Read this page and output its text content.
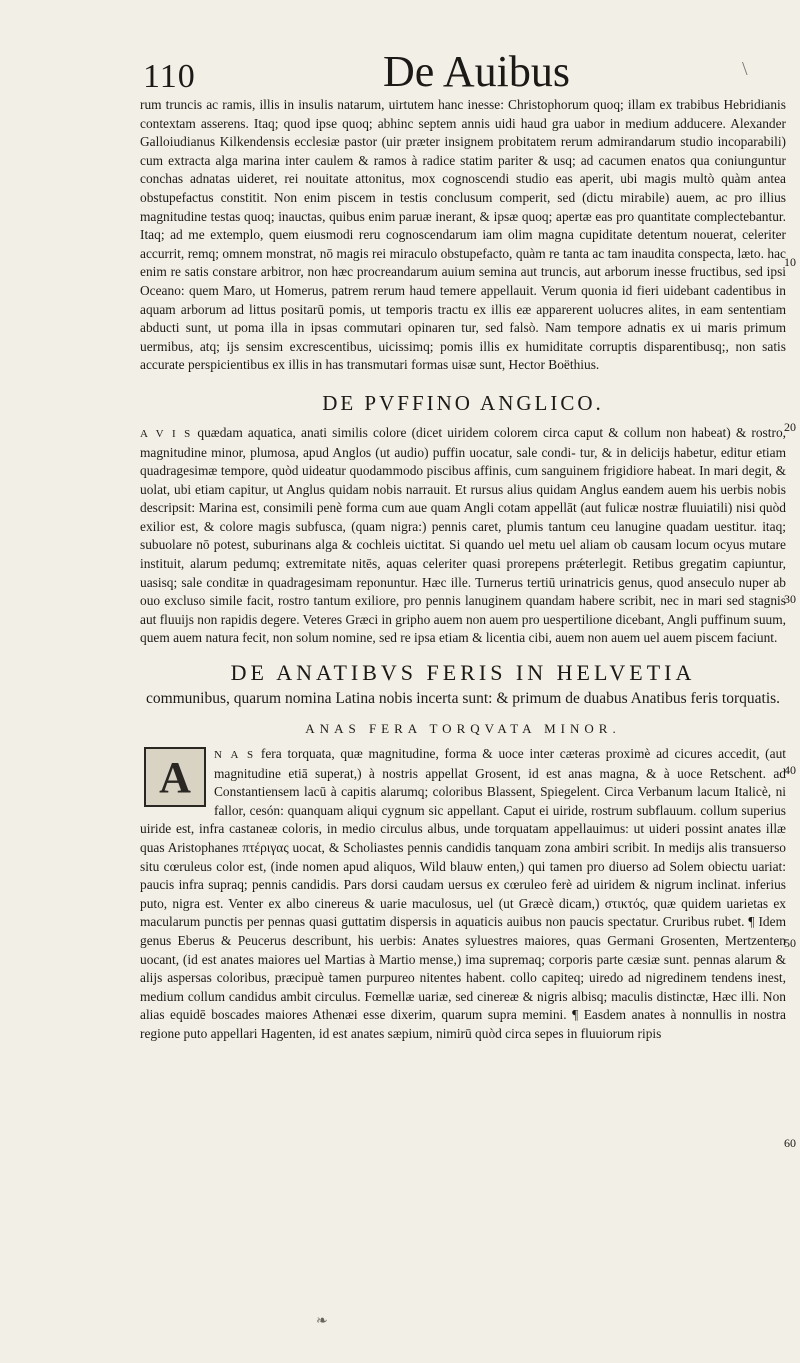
110	De Auibus	\

rum truncis ac ramis, illis in insulis natarum, uirtutem hanc inesse: Christophorum quoq; illam ex trabibus Hebridianis contextam asserens. Itaq; quod ipse quoq; abhinc septem annis uidi haud gra uabor in medium adducere. Alexander Galloiudianus Kilkendensis ecclesiæ pastor (uir præter insignem probitatem rerum admirandarum studio incoparabili) cum extracta alga marina inter caulem & ramos à radice statim pariter & usq; ad cacumen enatos qua coniunguntur conchas adnatas uideret, rei nouitate attonitus, mox cognoscendi studio eas aperit, ubi magis multò quàm antea obstupefactus constitit. Non enim piscem in testis conclusum comperit, sed (dictu mirabile) auem, ac pro illius magnitudine testas quoq; inauctas, quibus enim paruæ inerant, & ipsæ quoq; apertæ eas pro quantitate complectebantur. Itaq; ad me extemplo, quem eiusmodi reru cognoscendarum iam olim magna cupiditate detentum nouerat, celeriter accurrit, remq; omnem monstrat, nō magis rei miraculo obstupefacto, quàm re tanta ac tam inaudita conspecta, læto. hac enim re satis constare arbitror, non hæc procreandarum auium semina aut truncis, aut arborum inesse fructibus, sed ipsi Oceano: quem Maro, ut Homerus, patrem rerum haud temere appellauit. Verum quonia id fieri uidebant cadentibus in aquam arborum ad littus positarū pomis, ut temporis tractu ex illis eæ apparerent uolucres alites, in eam sententiam abducti sunt, ut poma illa in ipsas commutari opinaren tur, sed falsò. Nam tempore adnatis ex ui maris primum uermibus, atq; ijs sensim excrescentibus, uicissimq; pomis illis ex humiditate corruptis disparentibusq;, non satis accurate perspicientibus ex illis in has transmutari formas uisæ sunt, Hector Boëthius.

DE PVFFINO ANGLICO.

A V I S quædam aquatica, anati similis colore (dicet uiridem colorem circa caput & collum non habeat) & rostro, magnitudine minor, plumosa, apud Anglos (ut audio) puffin uocatur, sale condi- tur, & in delicijs habetur, editur etiam quadragesimæ tempore, quòd uideatur quodammodo piscibus affinis, cum sanguinem frigidiore habeat. In mari degit, & uolat, ubi etiam capitur, ut Anglus quidam nobis narrauit. Et rursus alius quidam Anglus eandem auem his uerbis nobis descripsit: Marina est, consimili penè forma cum aue quam Angli cotam appellāt (aut fulicæ nostræ fluuiatili) nisi quòd exilior est, & colore magis subfusca, (quam nigra:) pennis caret, plumis tantum ceu lanugine quadam uestitur. itaq; subuolare nō potest, suburinans alga & cochleis uictitat. Si quando uel metu uel aliam ob causam locum ocyus mutare instituit, alarum pedumq; extremitate nitēs, aquas celeriter quasi prorepens prǽterlegit. Retibus gregatim capiuntur, uasisq; sale conditæ in quadragesimam reponuntur. Hæc ille. Turnerus tertiū urinatricis genus, quod anseculo nuper ab ouo excluso simile facit, rostro tantum exiliore, pro pennis lanuginem quandam habere scribit, nec in mari sed stagnis aut fluuijs non rapidis degere. Veteres Græci in gripho auem non auem pro uespertilione dicebant, Angli puffinum suum, quem auem natura fecit, non solum nomine, sed re ipsa etiam & licentia cibi, auem non auem uel auem piscem faciunt.

DE ANATIBVS FERIS IN HELVETIA

communibus, quarum nomina Latina nobis incerta sunt: & primum de duabus Anatibus feris torquatis.

ANAS FERA TORQVATA MINOR.
A	N A S fera torquata, quæ magnitudine, forma & uoce inter cæteras proximè ad cicures accedit, (aut magnitudine etiā superat,) à nostris appellat Grosent, id est anas magna, & à uoce Retschent. ad Constantiensem lacū à capitis alarumq; coloribus Blassent, Spiegelent. Circa Verbanum lacum Italicè, ni fallor, cesón: quanquam aliqui cygnum sic appellant. Caput ei uiride, rostrum subflauum. collum superius uiride est, infra castaneæ coloris, in medio circulus albus, unde torquatam appellauimus: ut uideri possint anates illæ quas Aristophanes πτέριγας uocat, & Scholiastes pennis candidis tanquam zona ambiri scribit. In medijs alis transuerso situ cœruleus color est, (inde nomen apud aliquos, Wild blauw enten,) qui tamen pro diuerso ad Solem obiectu uariat: paucis infra supraq; pennis candidis. Pars dorsi caudam uersus ex cœruleo ferè ad uiridem & nigrum inclinat. inferius puto, nigra est. Venter ex albo cinereus & uarie maculosus, uel (ut Græcè dicam,) στικτός, quæ quidem uarietas ex macularum punctis per pennas quasi guttatim dispersis in aquaticis auibus non paucis spectatur. Cruribus rubet. ¶ Idem genus Eberus & Peucerus describunt, his uerbis: Anates syluestres maiores, quas Germani Grosenten, Mertzenten uocant, (id est anates maiores uel Martias à Martio mense,) ima supremaq; corporis parte cæsiæ sunt. pennas alarum & alijs aspersas coloribus, præcipuè tamen purpureo nitentes habent. collo capiteq; uiredo ad nigredinem tendens inest, medium collum candidus ambit circulus. Fœmellæ uariæ, sed cinereæ & nigris albisq; maculis distinctæ, Hæc illi. Non alias equidē boscades maiores Athenæi esse dixerim, quarum supra memini. ¶ Easdem anates à nonnullis in nostra regione puto appellari Hagenten, id est anates sæpium, nimirū quòd circa sepes in fluuiorum ripis

10
20
30
40
50
60
❧
